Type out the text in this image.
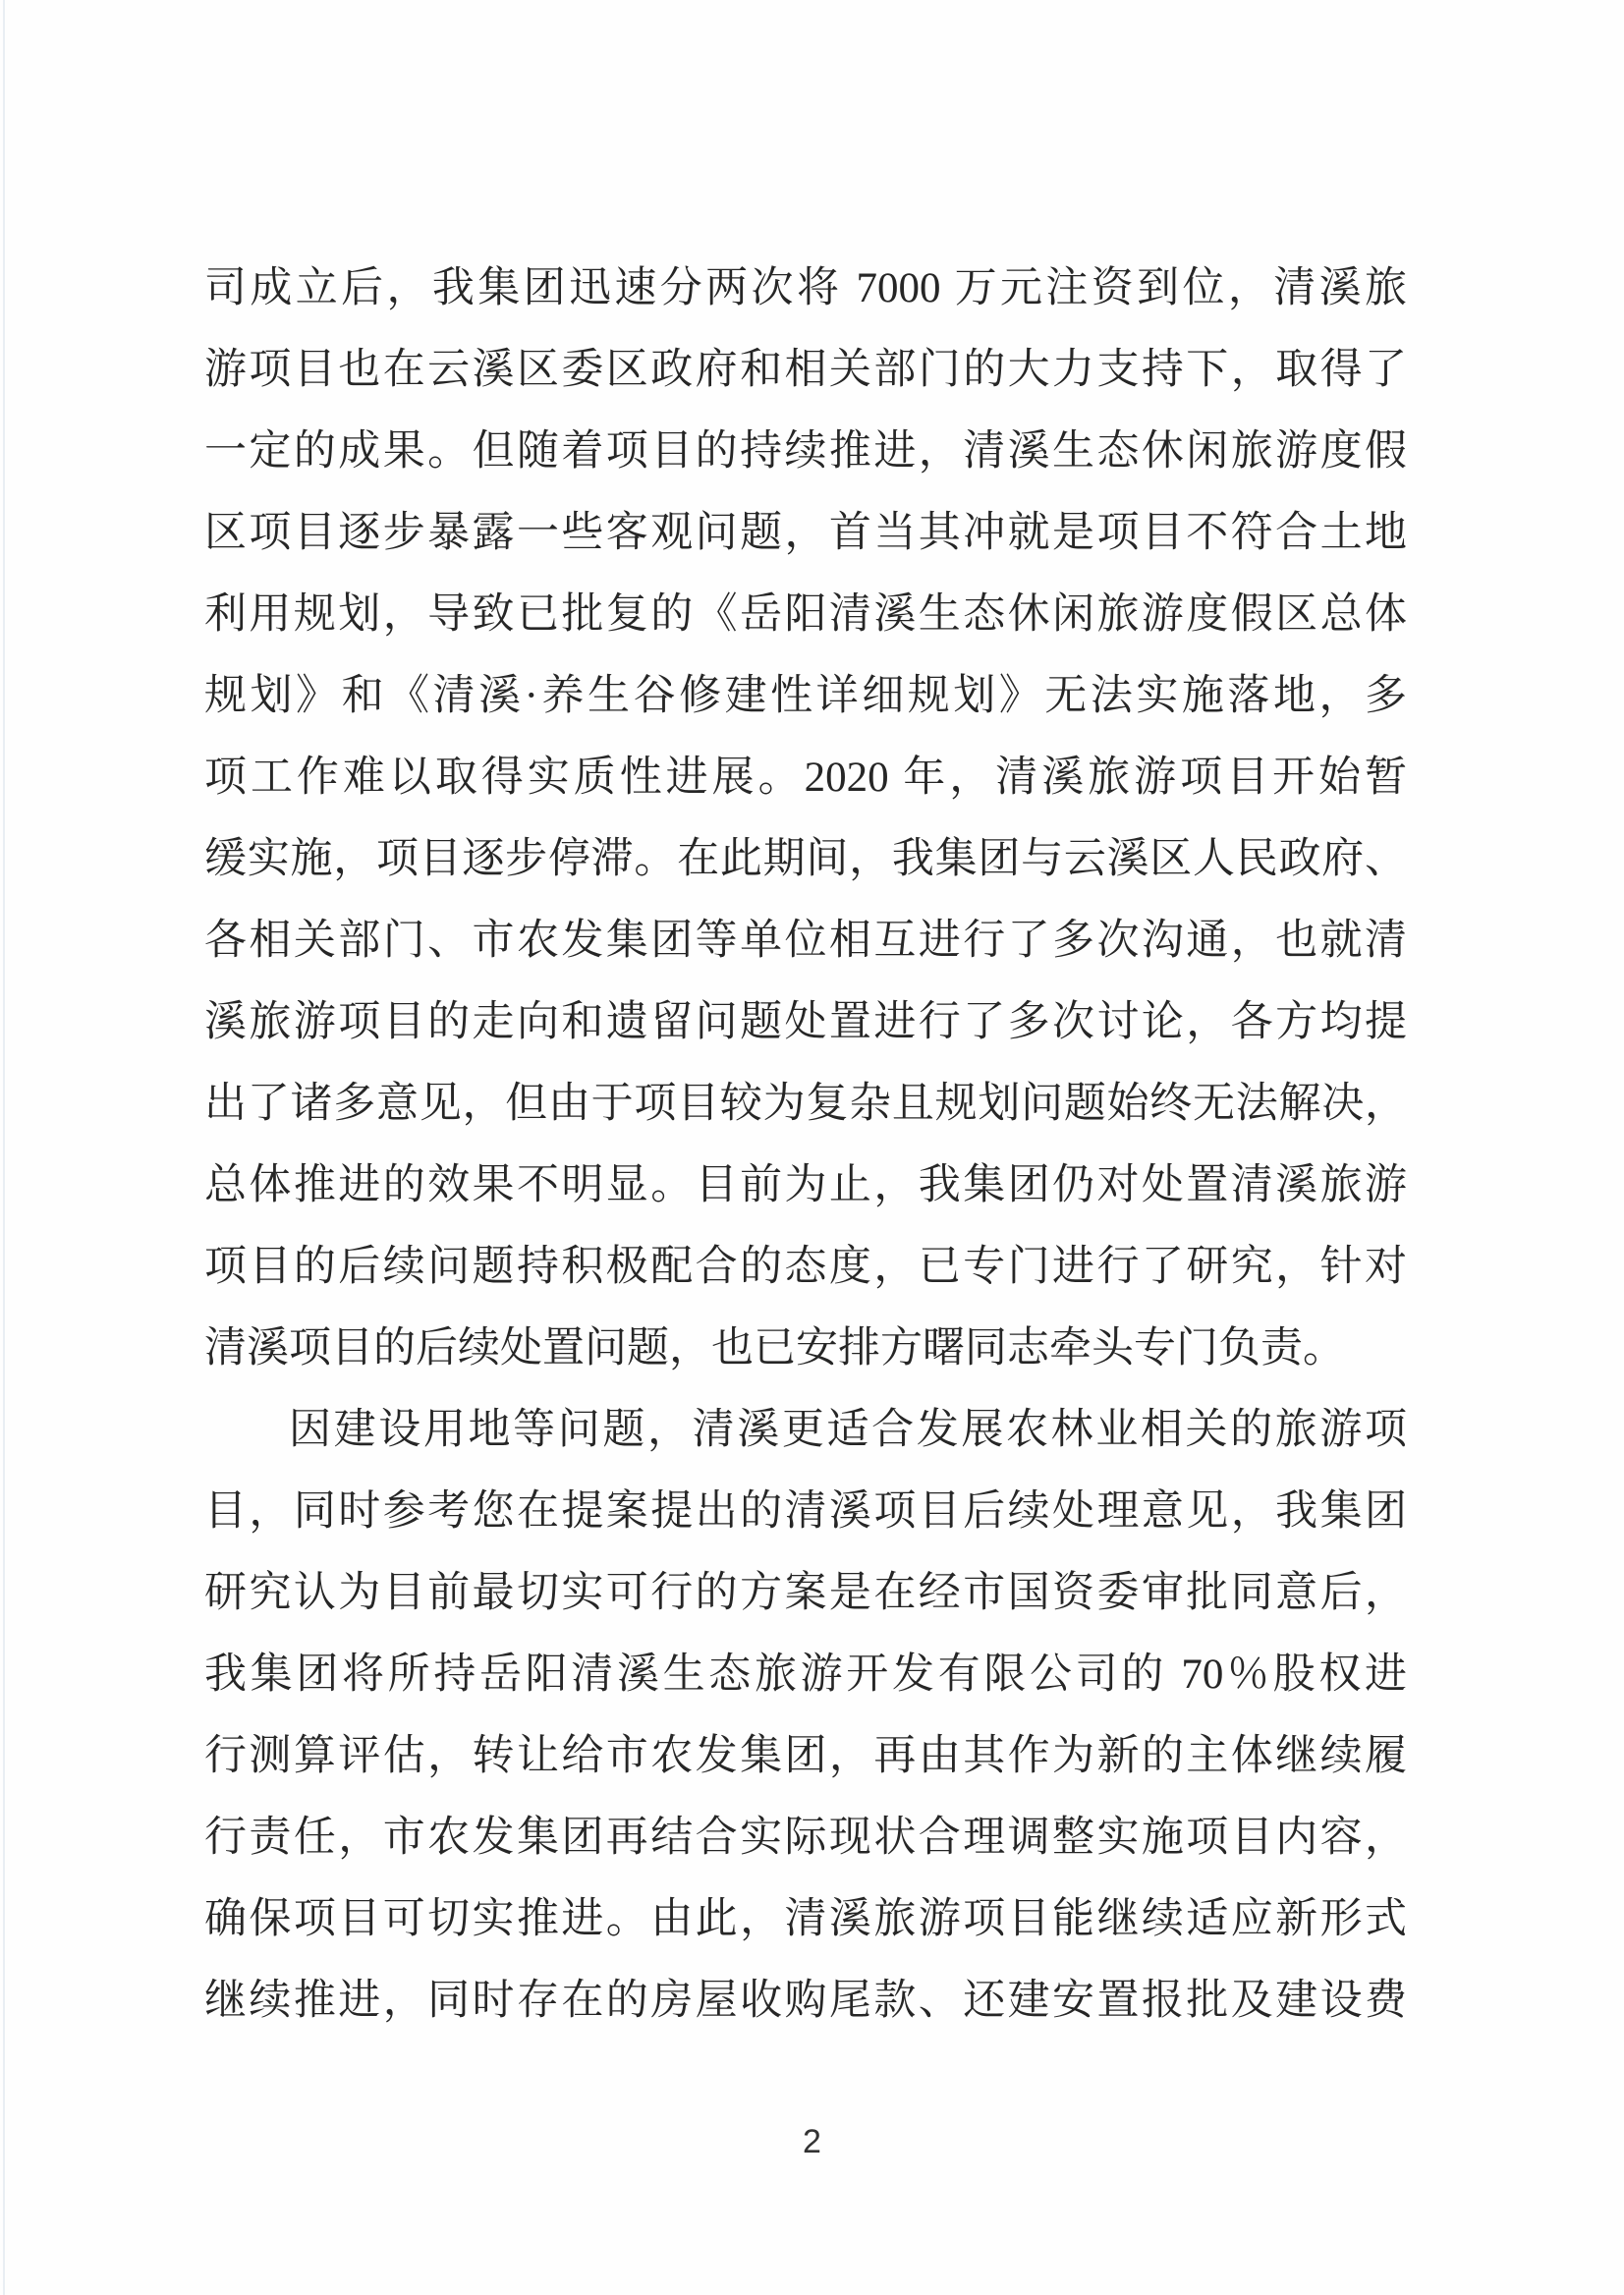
司成立后，我集团迅速分两次将 7000 万元注资到位，清溪旅
游项目也在云溪区委区政府和相关部门的大力支持下，取得了
一定的成果。但随着项目的持续推进，清溪生态休闲旅游度假
区项目逐步暴露一些客观问题，首当其冲就是项目不符合土地
利用规划，导致已批复的《岳阳清溪生态休闲旅游度假区总体
规划》和《清溪·养生谷修建性详细规划》无法实施落地，多
项工作难以取得实质性进展。2020 年，清溪旅游项目开始暂
缓实施，项目逐步停滞。在此期间，我集团与云溪区人民政府、
各相关部门、市农发集团等单位相互进行了多次沟通，也就清
溪旅游项目的走向和遗留问题处置进行了多次讨论，各方均提
出了诸多意见，但由于项目较为复杂且规划问题始终无法解决，
总体推进的效果不明显。目前为止，我集团仍对处置清溪旅游
项目的后续问题持积极配合的态度，已专门进行了研究，针对
清溪项目的后续处置问题，也已安排方曙同志牵头专门负责。
因建设用地等问题，清溪更适合发展农林业相关的旅游项
目，同时参考您在提案提出的清溪项目后续处理意见，我集团
研究认为目前最切实可行的方案是在经市国资委审批同意后，
我集团将所持岳阳清溪生态旅游开发有限公司的 70％股权进
行测算评估，转让给市农发集团，再由其作为新的主体继续履
行责任，市农发集团再结合实际现状合理调整实施项目内容，
确保项目可切实推进。由此，清溪旅游项目能继续适应新形式
继续推进，同时存在的房屋收购尾款、还建安置报批及建设费
2
